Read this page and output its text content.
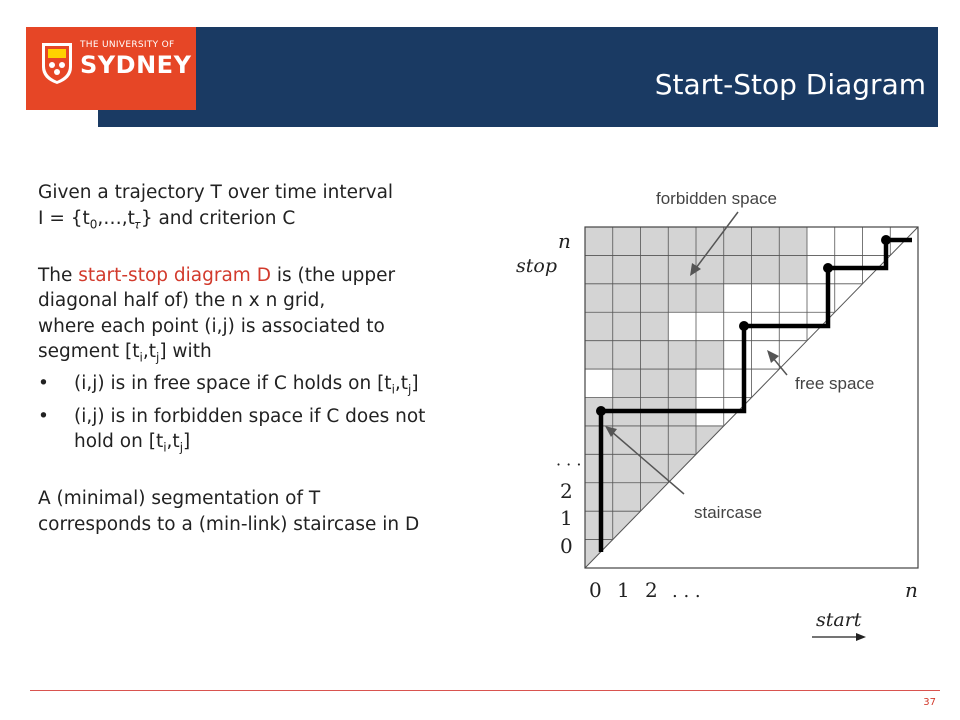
THE UNIVERSITY OF
SYDNEY
Start-Stop Diagram

Given a trajectory T over time interval

$I = \{t_0,\dots,t_𝜏\}$ and criterion C

The start-stop diagram D is (the upper

diagonal half of) the n x n grid,

where each point (i,j) is associated to

segment $[t_i,t_j]$ with

• (i,j) is in free space if C holds on $[t_i,t_j]$

• (i,j) is in forbidden space if C does not

hold on $[t_i,t_j]$

A (minimal) segmentation of T

corresponds to a (min-link) staircase in D

forbidden space
free space
staircase
n
stop
· · ·
2
1
0
0 1 2 . . .	n
start
37
